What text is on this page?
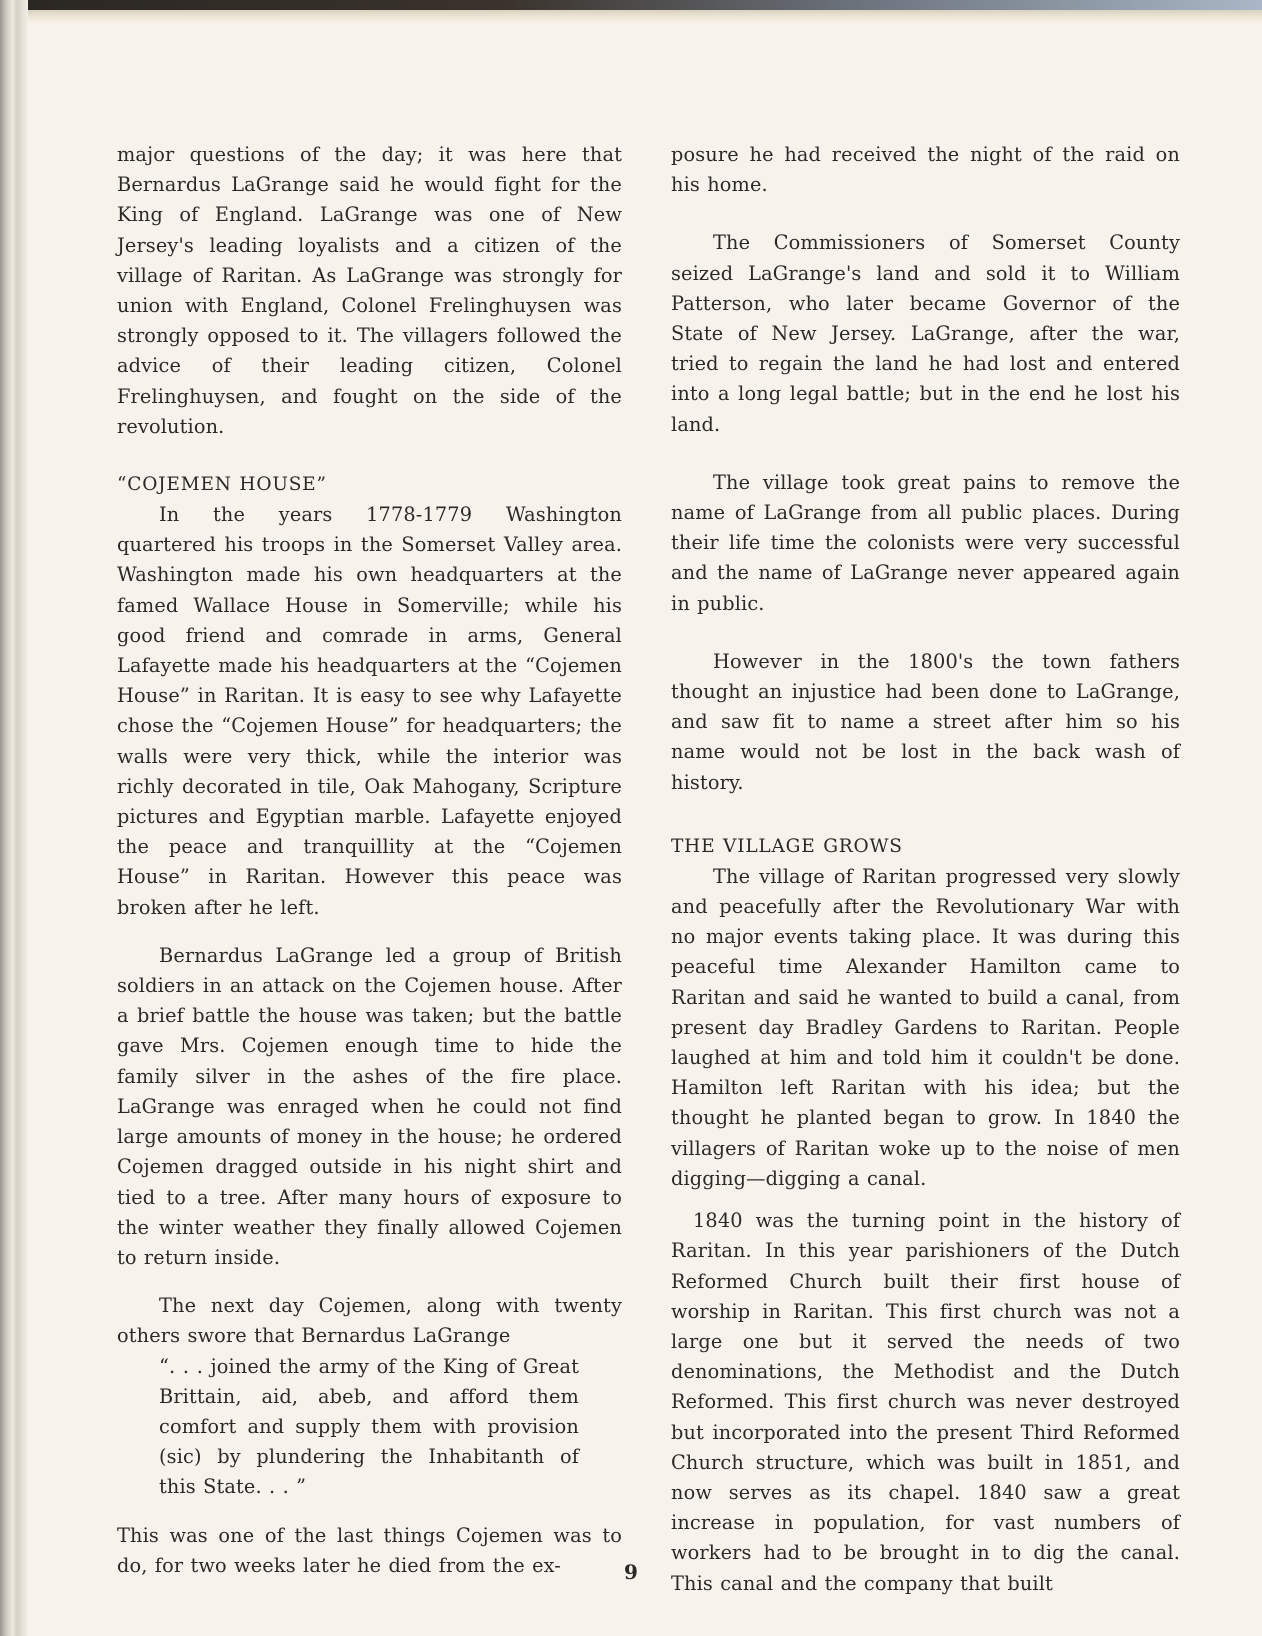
major questions of the day; it was here that Bernardus LaGrange said he would fight for the King of England. LaGrange was one of New Jersey's leading loyalists and a citizen of the village of Raritan. As LaGrange was strongly for union with England, Colonel Frelinghuysen was strongly opposed to it. The villagers followed the advice of their leading citizen, Colonel Frelinghuysen, and fought on the side of the revolution.

“COJEMEN HOUSE”

In the years 1778-1779 Washington quartered his troops in the Somerset Valley area. Washington made his own headquarters at the famed Wallace House in Somerville; while his good friend and comrade in arms, General Lafayette made his headquarters at the “Cojemen House” in Raritan. It is easy to see why Lafayette chose the “Cojemen House” for headquarters; the walls were very thick, while the interior was richly decorated in tile, Oak Mahogany, Scripture pictures and Egyptian marble. Lafayette enjoyed the peace and tranquillity at the “Cojemen House” in Raritan. However this peace was broken after he left.

Bernardus LaGrange led a group of British soldiers in an attack on the Cojemen house. After a brief battle the house was taken; but the battle gave Mrs. Cojemen enough time to hide the family silver in the ashes of the fire place. LaGrange was enraged when he could not find large amounts of money in the house; he ordered Cojemen dragged outside in his night shirt and tied to a tree. After many hours of exposure to the winter weather they finally allowed Cojemen to return inside.

The next day Cojemen, along with twenty others swore that Bernardus LaGrange

“. . . joined the army of the King of Great Brittain, aid, abeb, and afford them comfort and supply them with provision (sic) by plundering the Inhabitanth of this State. . . ”

This was one of the last things Cojemen was to do, for two weeks later he died from the ex-

posure he had received the night of the raid on his home.

The Commissioners of Somerset County seized LaGrange's land and sold it to William Patterson, who later became Governor of the State of New Jersey. LaGrange, after the war, tried to regain the land he had lost and entered into a long legal battle; but in the end he lost his land.

The village took great pains to remove the name of LaGrange from all public places. During their life time the colonists were very successful and the name of LaGrange never appeared again in public.

However in the 1800's the town fathers thought an injustice had been done to LaGrange, and saw fit to name a street after him so his name would not be lost in the back wash of history.

THE VILLAGE GROWS

The village of Raritan progressed very slowly and peacefully after the Revolutionary War with no major events taking place. It was during this peaceful time Alexander Hamilton came to Raritan and said he wanted to build a canal, from present day Bradley Gardens to Raritan. People laughed at him and told him it couldn't be done. Hamilton left Raritan with his idea; but the thought he planted began to grow. In 1840 the villagers of Raritan woke up to the noise of men digging—digging a canal.

1840 was the turning point in the history of Raritan. In this year parishioners of the Dutch Reformed Church built their first house of worship in Raritan. This first church was not a large one but it served the needs of two denominations, the Methodist and the Dutch Reformed. This first church was never destroyed but incorporated into the present Third Reformed Church structure, which was built in 1851, and now serves as its chapel. 1840 saw a great increase in population, for vast numbers of workers had to be brought in to dig the canal. This canal and the company that built

9
